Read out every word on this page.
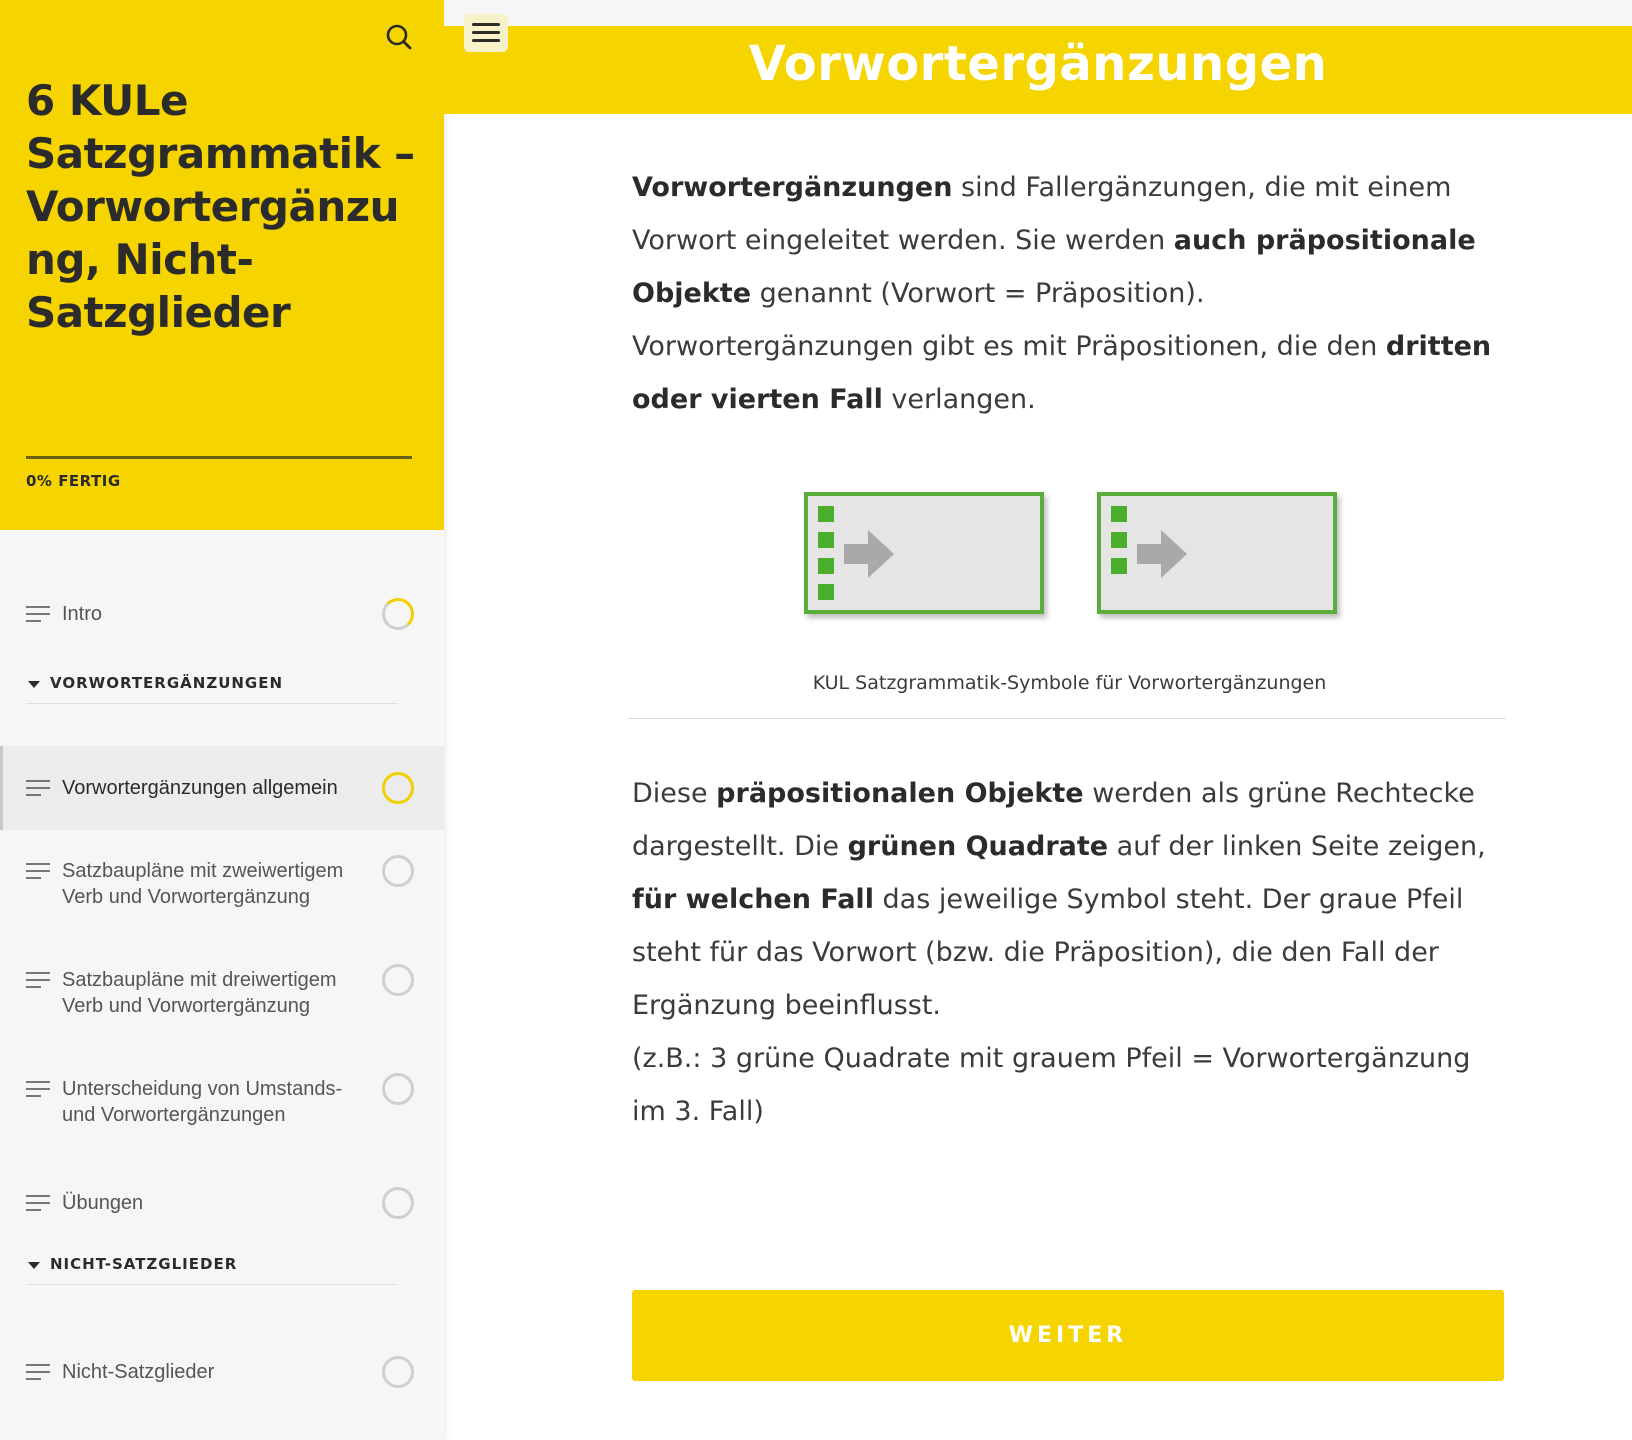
6 KULe Satzgrammatik – Vorwortergänzung, Nicht-Satzglieder
0% FERTIG
Intro
VORWORTERGÄNZUNGEN
Vorwortergänzungen allgemein
Satzbaupläne mit zweiwertigem Verb und Vorwortergänzung
Satzbaupläne mit dreiwertigem Verb und Vorwortergänzung
Unterscheidung von Umstands- und Vorwortergänzungen
Übungen
NICHT-SATZGLIEDER
Nicht-Satzglieder
Vorwortergänzungen
Vorwortergänzungen sind Fallergänzungen, die mit einem Vorwort eingeleitet werden. Sie werden auch präpositionale Objekte genannt (Vorwort = Präposition).
Vorwortergänzungen gibt es mit Präpositionen, die den dritten oder vierten Fall verlangen.
KUL Satzgrammatik-Symbole für Vorwortergänzungen
Diese präpositionalen Objekte werden als grüne Rechtecke dargestellt. Die grünen Quadrate auf der linken Seite zeigen, für welchen Fall das jeweilige Symbol steht. Der graue Pfeil steht für das Vorwort (bzw. die Präposition), die den Fall der Ergänzung beeinflusst.
(z.B.: 3 grüne Quadrate mit grauem Pfeil = Vorwortergänzung im 3. Fall)
WEITER
